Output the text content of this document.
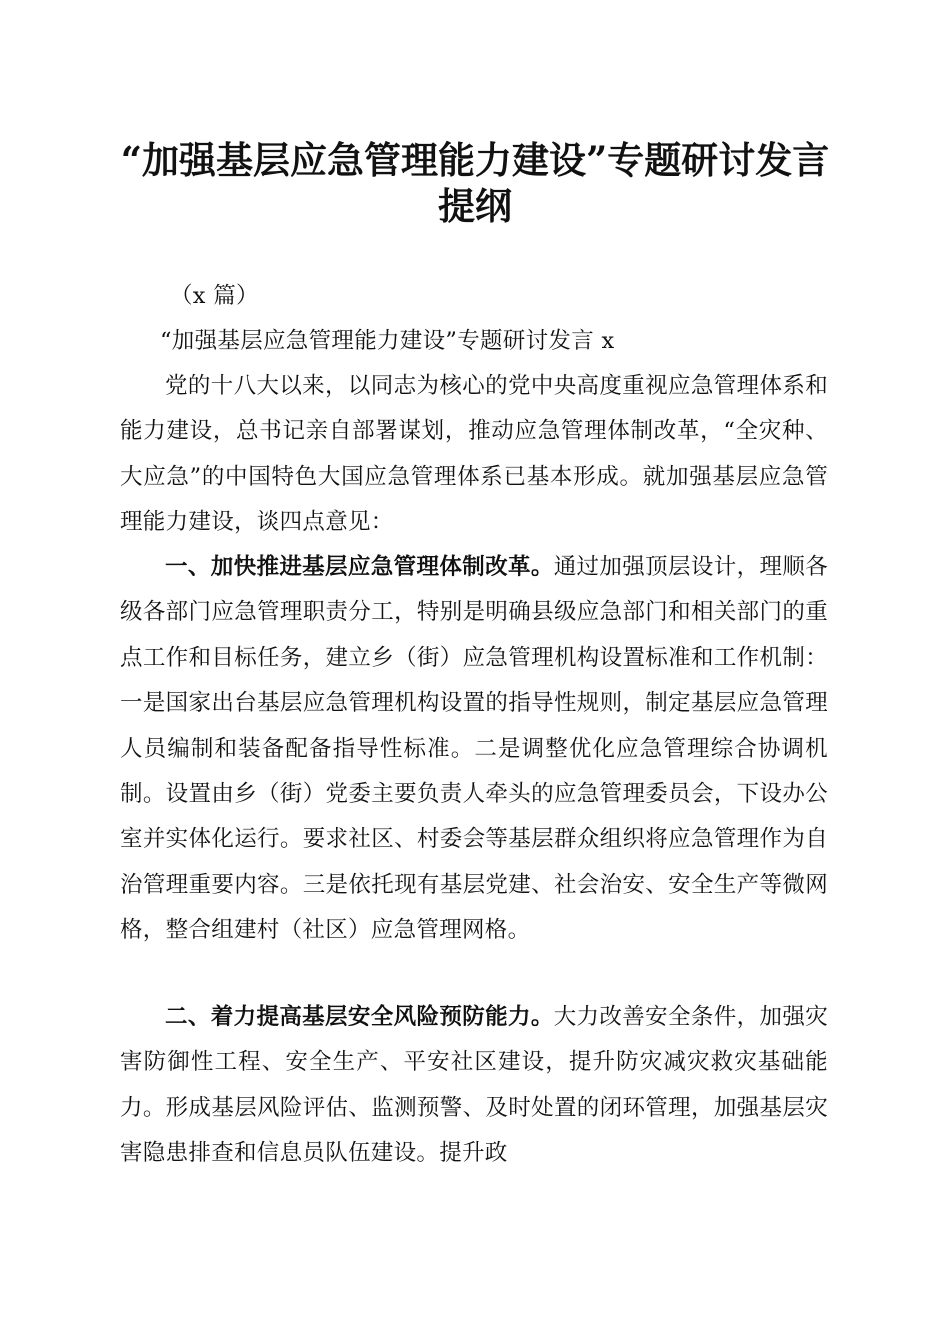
“加强基层应急管理能力建设”专题研讨发言
提纲

（x 篇）

“加强基层应急管理能力建设”专题研讨发言 x

党的十八大以来，以同志为核心的党中央高度重视应急管理体系和能力建设，总书记亲自部署谋划，推动应急管理体制改革，“全灾种、大应急”的中国特色大国应急管理体系已基本形成。就加强基层应急管理能力建设，谈四点意见：

一、加快推进基层应急管理体制改革。通过加强顶层设计，理顺各级各部门应急管理职责分工，特别是明确县级应急部门和相关部门的重点工作和目标任务，建立乡（街）应急管理机构设置标准和工作机制：一是国家出台基层应急管理机构设置的指导性规则，制定基层应急管理人员编制和装备配备指导性标准。二是调整优化应急管理综合协调机制。设置由乡（街）党委主要负责人牵头的应急管理委员会，下设办公室并实体化运行。要求社区、村委会等基层群众组织将应急管理作为自治管理重要内容。三是依托现有基层党建、社会治安、安全生产等微网格，整合组建村（社区）应急管理网格。

二、着力提高基层安全风险预防能力。大力改善安全条件，加强灾害防御性工程、安全生产、平安社区建设，提升防灾减灾救灾基础能力。形成基层风险评估、监测预警、及时处置的闭环管理，加强基层灾害隐患排查和信息员队伍建设。提升政
